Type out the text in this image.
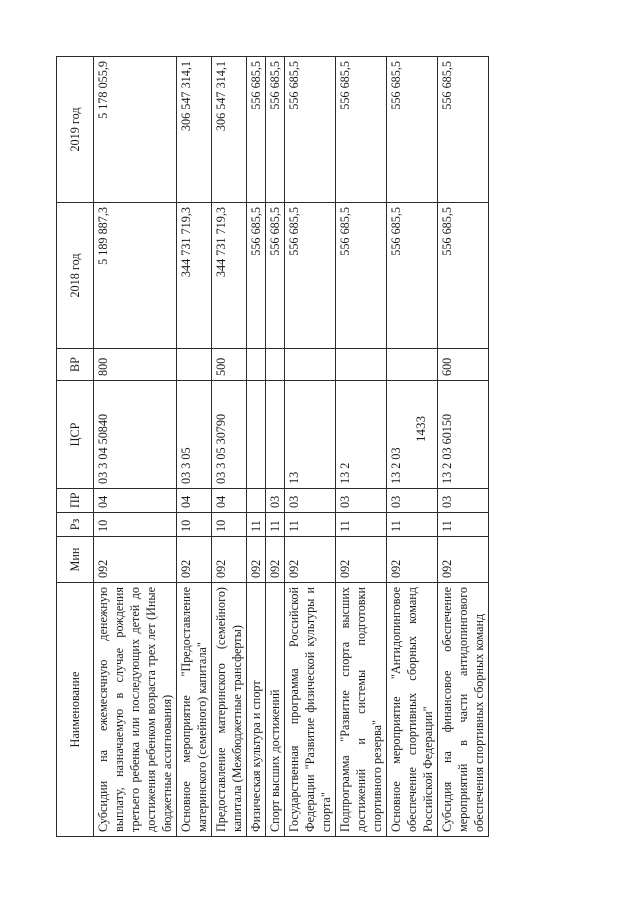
1433
Наименование	Мин	Рз	ПР	ЦСР	ВР	2018 год	2019 год
Субсидии на ежемесячную денежную выплату, назначаемую в случае рождения третьего ребенка или последующих детей до достижения ребенком возраста трех лет (Иные бюджетные ассигнования)	092	10	04	03 3 04 50840	800	5 189 887,3	5 178 055,9
Основное мероприятие "Предоставление материнского (семейного) капитала"	092	10	04	03 3 05		344 731 719,3	306 547 314,1
Предоставление материнского (семейного) капитала (Межбюджетные трансферты)	092	10	04	03 3 05 30790	500	344 731 719,3	306 547 314,1
Физическая культура и спорт	092	11				556 685,5	556 685,5
Спорт высших достижений	092	11	03			556 685,5	556 685,5
Государственная программа Российской Федерации "Развитие физической культуры и спорта"	092	11	03	13		556 685,5	556 685,5
Подпрограмма "Развитие спорта высших достижений и системы подготовки спортивного резерва"	092	11	03	13 2		556 685,5	556 685,5
Основное мероприятие "Антидопинговое обеспечение спортивных сборных команд Российской Федерации"	092	11	03	13 2 03		556 685,5	556 685,5
Субсидия на финансовое обеспечение мероприятий в части антидопингового обеспечения спортивных сборных команд	092	11	03	13 2 03 60150	600	556 685,5	556 685,5
